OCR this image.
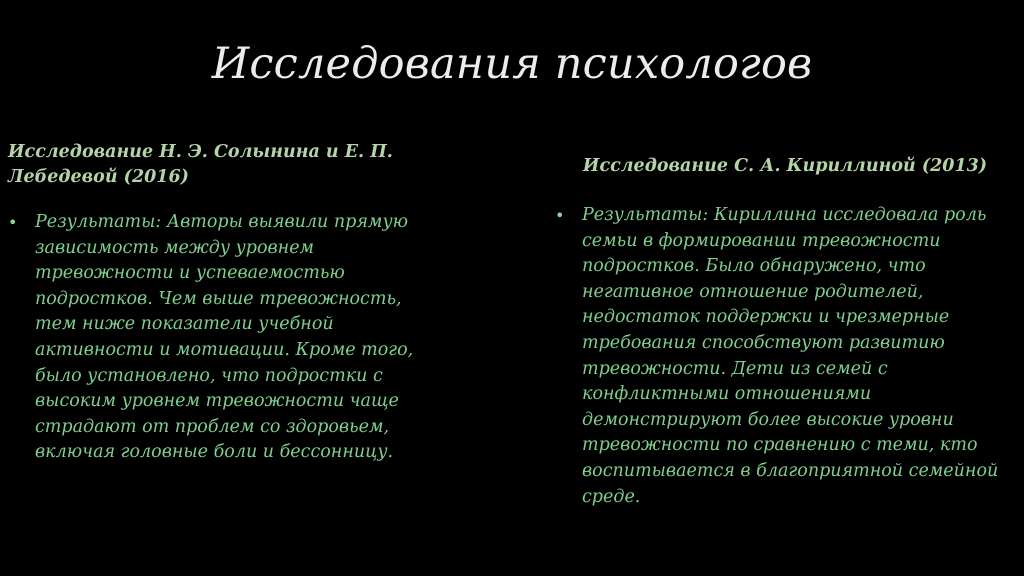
Исследования психологов
Исследование Н. Э. Солынина и Е. П. Лебедевой (2016)
• Результаты: Авторы выявили прямую зависимость между уровнем тревожности и успеваемостью подростков. Чем выше тревожность, тем ниже показатели учебной активности и мотивации. Кроме того, было установлено, что подростки с высоким уровнем тревожности чаще страдают от проблем со здоровьем, включая головные боли и бессонницу.
Исследование С. А. Кириллиной (2013)
• Результаты: Кириллина исследовала роль семьи в формировании тревожности подростков. Было обнаружено, что негативное отношение родителей, недостаток поддержки и чрезмерные требования способствуют развитию тревожности. Дети из семей с конфликтными отношениями демонстрируют более высокие уровни тревожности по сравнению с теми, кто воспитывается в благоприятной семейной среде.
